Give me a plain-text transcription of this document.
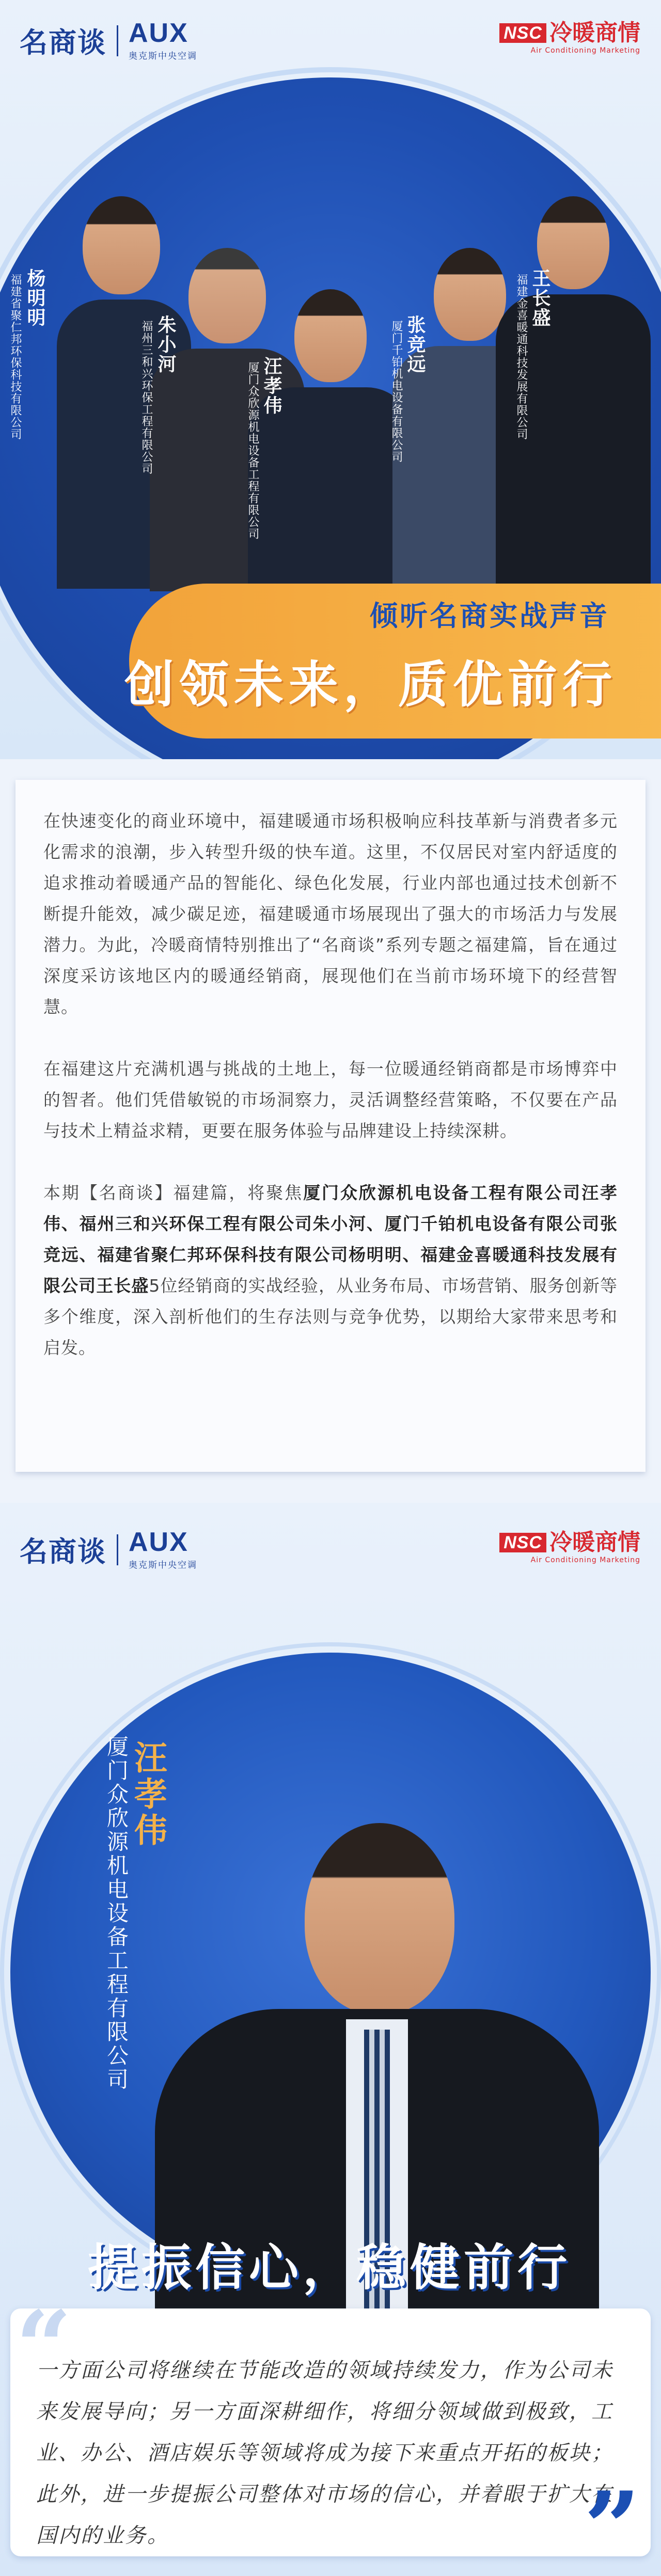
名商谈 AUX
奥克斯中央空调
NSC 冷暖商情
Air Conditioning Marketing
杨明明
福建省聚仁邦环保科技有限公司	朱小河
福州三和兴环保工程有限公司	汪孝伟
厦门众欣源机电设备工程有限公司
张竞远
厦门千铂机电设备有限公司
王长盛
福建金喜暖通科技发展有限公司
倾听名商实战声音
创领未来，质优前行

在快速变化的商业环境中，福建暖通市场积极响应科技革新与消费者多元化需求的浪潮，步入转型升级的快车道。这里，不仅居民对室内舒适度的追求推动着暖通产品的智能化、绿色化发展，行业内部也通过技术创新不断提升能效，减少碳足迹，福建暖通市场展现出了强大的市场活力与发展潜力。为此，冷暖商情特别推出了“名商谈”系列专题之福建篇，旨在通过深度采访该地区内的暖通经销商，展现他们在当前市场环境下的经营智慧。

在福建这片充满机遇与挑战的土地上，每一位暖通经销商都是市场博弈中的智者。他们凭借敏锐的市场洞察力，灵活调整经营策略，不仅要在产品与技术上精益求精，更要在服务体验与品牌建设上持续深耕。

本期【名商谈】福建篇，将聚焦厦门众欣源机电设备工程有限公司汪孝伟、福州三和兴环保工程有限公司朱小河、厦门千铂机电设备有限公司张竞远、福建省聚仁邦环保科技有限公司杨明明、福建金喜暖通科技发展有限公司王长盛5位经销商的实战经验，从业务布局、市场营销、服务创新等多个维度，深入剖析他们的生存法则与竞争优势，以期给大家带来思考和启发。

名商谈 AUX
奥克斯中央空调
NSC 冷暖商情
Air Conditioning Marketing
汪孝伟
厦门众欣源机电设备工程有限公司
“
提振信心，稳健前行

一方面公司将继续在节能改造的领域持续发力，作为公司未来发展导向；另一方面深耕细作，将细分领域做到极致，工业、办公、酒店娱乐等领域将成为接下来重点开拓的板块；此外，进一步提振公司整体对市场的信心，并着眼于扩大在国内的业务。	”
